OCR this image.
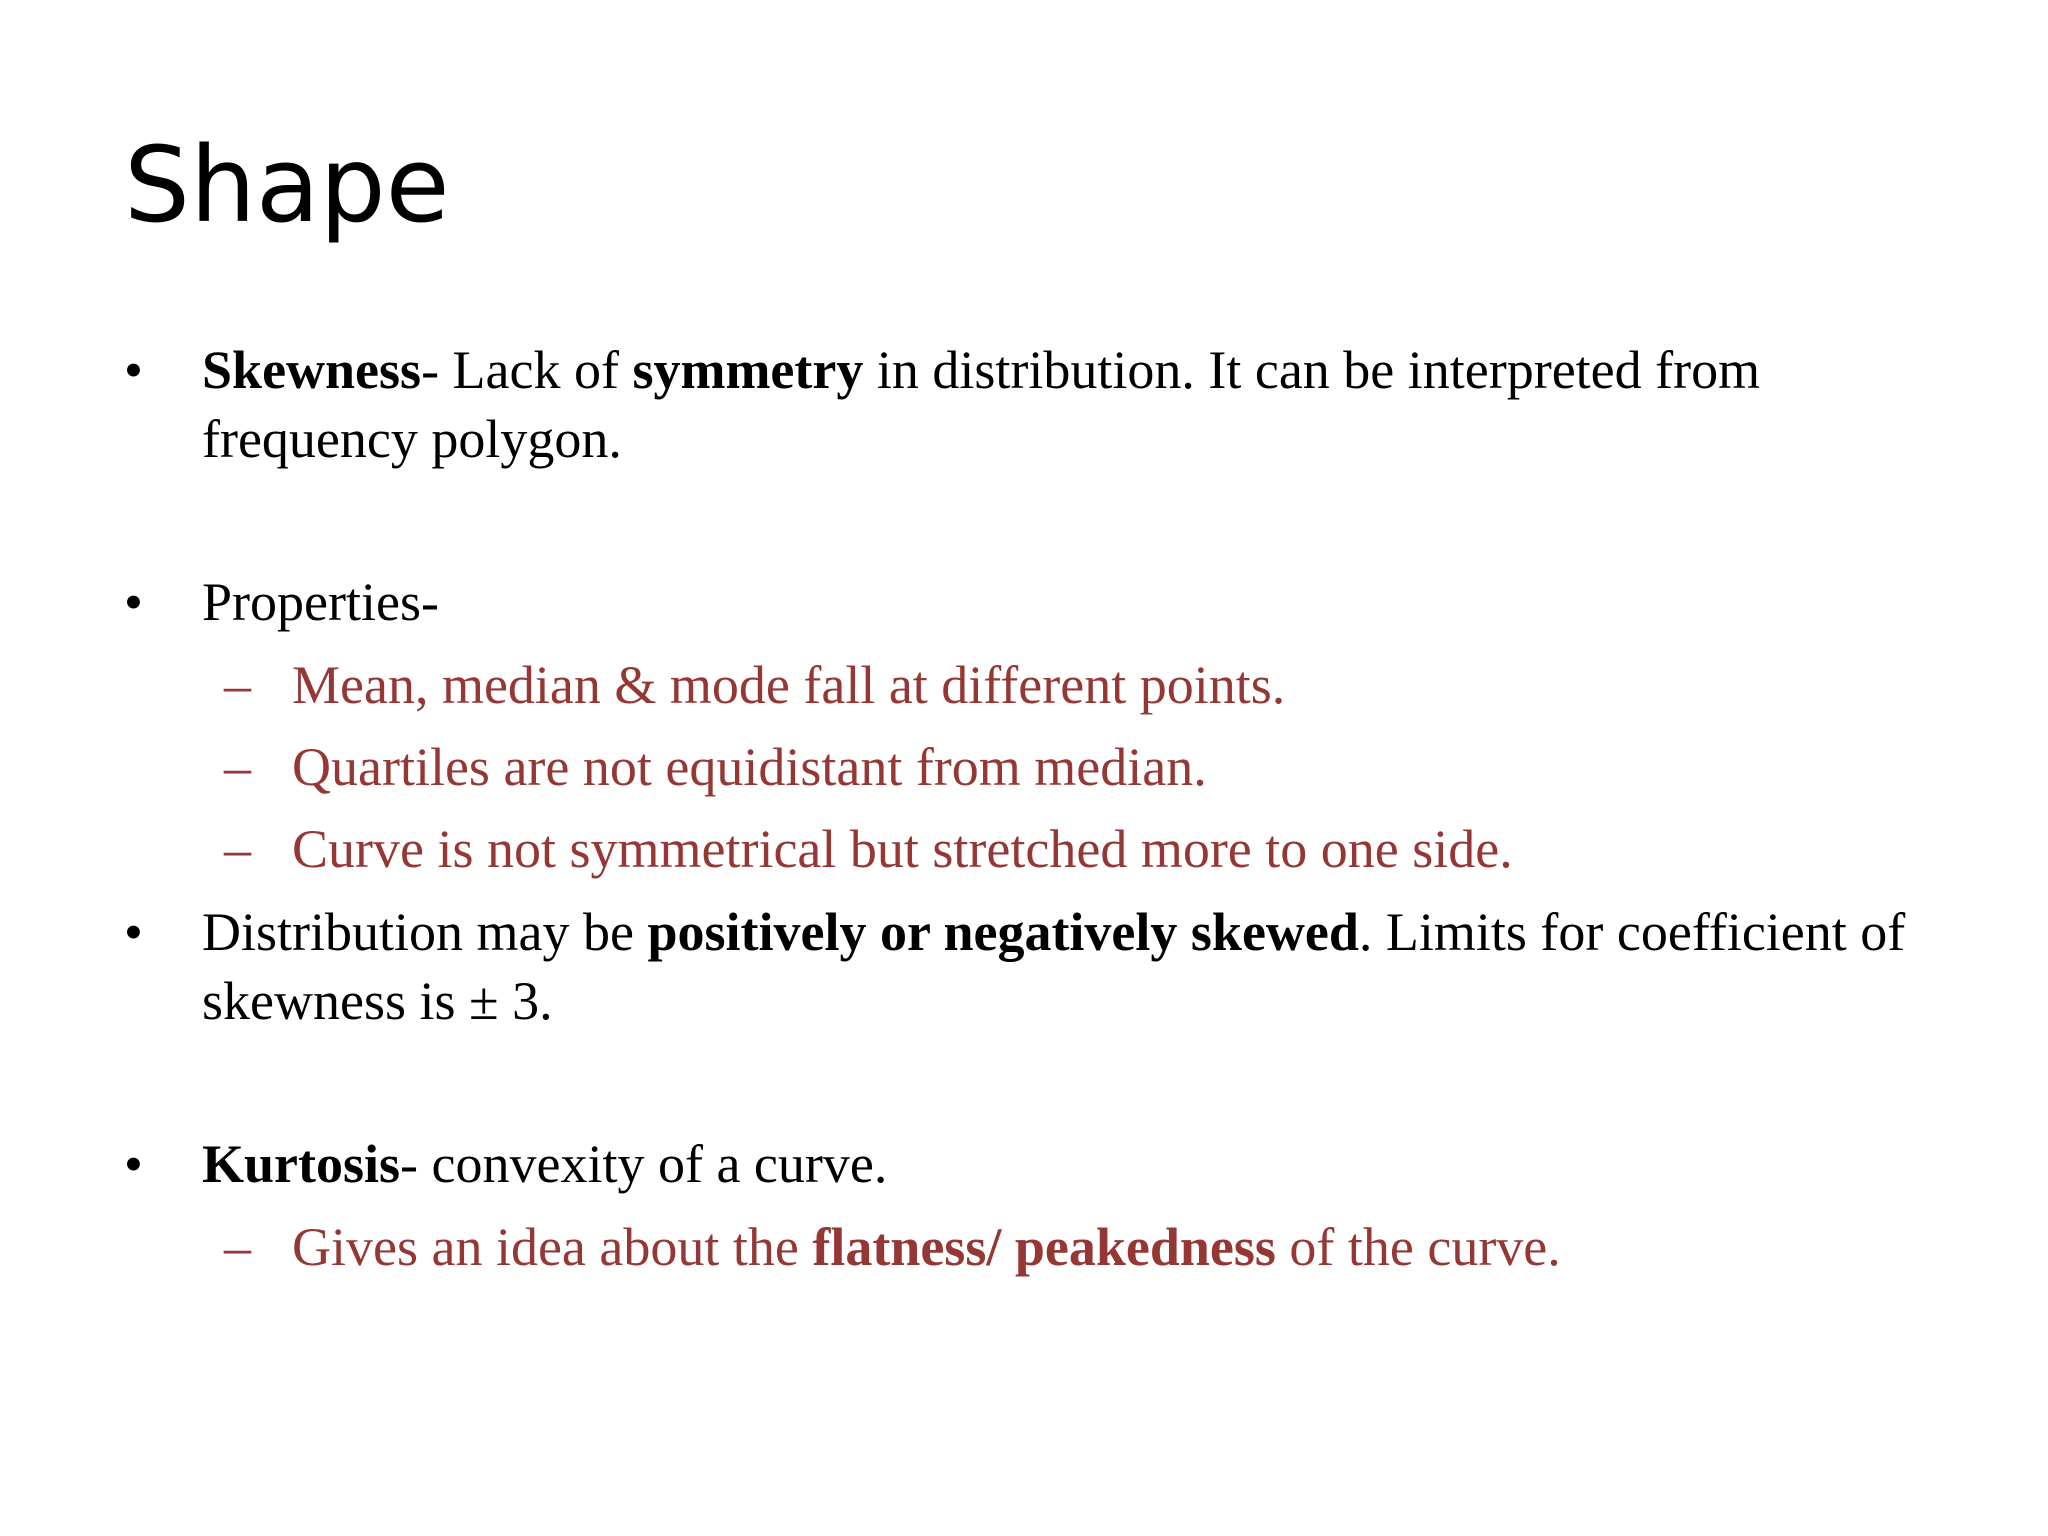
Shape
• Skewness- Lack of symmetry in distribution. It can be interpreted from frequency polygon.
• Properties-
– Mean, median & mode fall at different points.
– Quartiles are not equidistant from median.
– Curve is not symmetrical but stretched more to one side.
• Distribution may be positively or negatively skewed. Limits for coefficient of skewness is ± 3.
• Kurtosis- convexity of a curve.
– Gives an idea about the flatness/ peakedness of the curve.
